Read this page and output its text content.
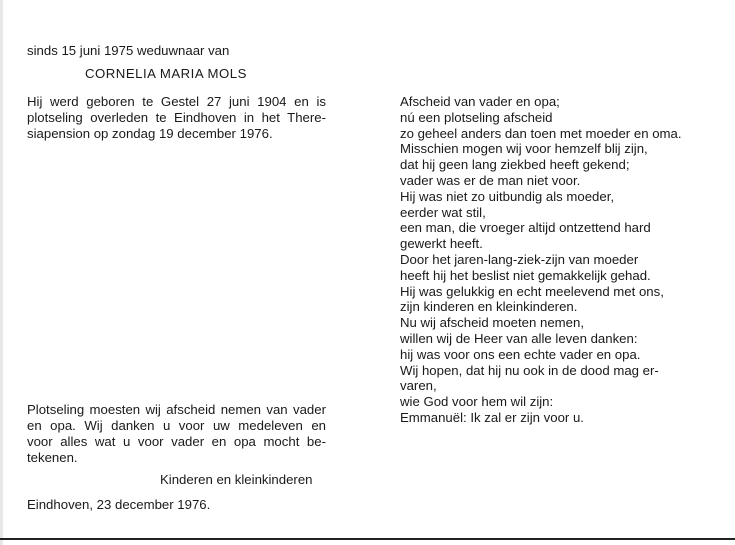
sinds 15 juni 1975 weduwnaar van
CORNELIA MARIA MOLS
Hij werd geboren te Gestel 27 juni 1904 en is
plotseling overleden te Eindhoven in het There-
siapension op zondag 19 december 1976.
Plotseling moesten wij afscheid nemen van vader
en opa. Wij danken u voor uw medeleven en
voor alles wat u voor vader en opa mocht be-
tekenen.
Kinderen en kleinkinderen
Eindhoven, 23 december 1976.
Afscheid van vader en opa;
nú een plotseling afscheid
zo geheel anders dan toen met moeder en oma.
Misschien mogen wij voor hemzelf blij zijn,
dat hij geen lang ziekbed heeft gekend;
vader was er de man niet voor.
Hij was niet zo uitbundig als moeder,
eerder wat stil,
een man, die vroeger altijd ontzettend hard
gewerkt heeft.
Door het jaren-lang-ziek-zijn van moeder
heeft hij het beslist niet gemakkelijk gehad.
Hij was gelukkig en echt meelevend met ons,
zijn kinderen en kleinkinderen.
Nu wij afscheid moeten nemen,
willen wij de Heer van alle leven danken:
hij was voor ons een echte vader en opa.
Wij hopen, dat hij nu ook in de dood mag er-
varen,
wie God voor hem wil zijn:
Emmanuël: Ik zal er zijn voor u.
